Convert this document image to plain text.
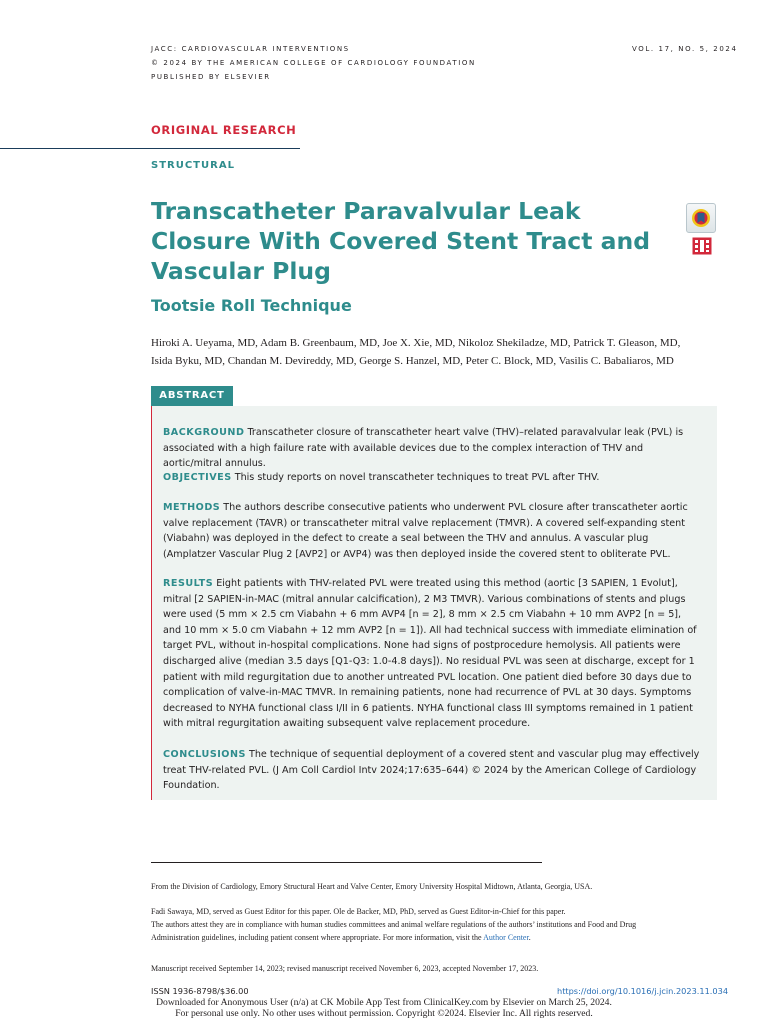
JACC: CARDIOVASCULAR INTERVENTIONS
© 2024 BY THE AMERICAN COLLEGE OF CARDIOLOGY FOUNDATION
PUBLISHED BY ELSEVIER
VOL. 17, NO. 5, 2024
ORIGINAL RESEARCH
STRUCTURAL
Transcatheter Paravalvular Leak Closure With Covered Stent Tract and Vascular Plug
Tootsie Roll Technique
Hiroki A. Ueyama, MD, Adam B. Greenbaum, MD, Joe X. Xie, MD, Nikoloz Shekiladze, MD, Patrick T. Gleason, MD,
Isida Byku, MD, Chandan M. Devireddy, MD, George S. Hanzel, MD, Peter C. Block, MD, Vasilis C. Babaliaros, MD
ABSTRACT
BACKGROUND Transcatheter closure of transcatheter heart valve (THV)–related paravalvular leak (PVL) is associated with a high failure rate with available devices due to the complex interaction of THV and aortic/mitral annulus.
OBJECTIVES This study reports on novel transcatheter techniques to treat PVL after THV.
METHODS The authors describe consecutive patients who underwent PVL closure after transcatheter aortic valve replacement (TAVR) or transcatheter mitral valve replacement (TMVR). A covered self-expanding stent (Viabahn) was deployed in the defect to create a seal between the THV and annulus. A vascular plug (Amplatzer Vascular Plug 2 [AVP2] or AVP4) was then deployed inside the covered stent to obliterate PVL.
RESULTS Eight patients with THV-related PVL were treated using this method (aortic [3 SAPIEN, 1 Evolut], mitral [2 SAPIEN-in-MAC (mitral annular calcification), 2 M3 TMVR). Various combinations of stents and plugs were used (5 mm × 2.5 cm Viabahn + 6 mm AVP4 [n = 2], 8 mm × 2.5 cm Viabahn + 10 mm AVP2 [n = 5], and 10 mm × 5.0 cm Viabahn + 12 mm AVP2 [n = 1]). All had technical success with immediate elimination of target PVL, without in-hospital complications. None had signs of postprocedure hemolysis. All patients were discharged alive (median 3.5 days [Q1-Q3: 1.0-4.8 days]). No residual PVL was seen at discharge, except for 1 patient with mild regurgitation due to another untreated PVL location. One patient died before 30 days due to complication of valve-in-MAC TMVR. In remaining patients, none had recurrence of PVL at 30 days. Symptoms decreased to NYHA functional class I/II in 6 patients. NYHA functional class III symptoms remained in 1 patient with mitral regurgitation awaiting subsequent valve replacement procedure.
CONCLUSIONS The technique of sequential deployment of a covered stent and vascular plug may effectively treat THV-related PVL. (J Am Coll Cardiol Intv 2024;17:635–644) © 2024 by the American College of Cardiology Foundation.
From the Division of Cardiology, Emory Structural Heart and Valve Center, Emory University Hospital Midtown, Atlanta, Georgia, USA.
Fadi Sawaya, MD, served as Guest Editor for this paper. Ole de Backer, MD, PhD, served as Guest Editor-in-Chief for this paper.
The authors attest they are in compliance with human studies committees and animal welfare regulations of the authors’ institutions and Food and Drug Administration guidelines, including patient consent where appropriate. For more information, visit the Author Center.
Manuscript received September 14, 2023; revised manuscript received November 6, 2023, accepted November 17, 2023.
ISSN 1936-8798/$36.00	https://doi.org/10.1016/j.jcin.2023.11.034
Downloaded for Anonymous User (n/a) at CK Mobile App Test from ClinicalKey.com by Elsevier on March 25, 2024.
For personal use only. No other uses without permission. Copyright ©2024. Elsevier Inc. All rights reserved.
